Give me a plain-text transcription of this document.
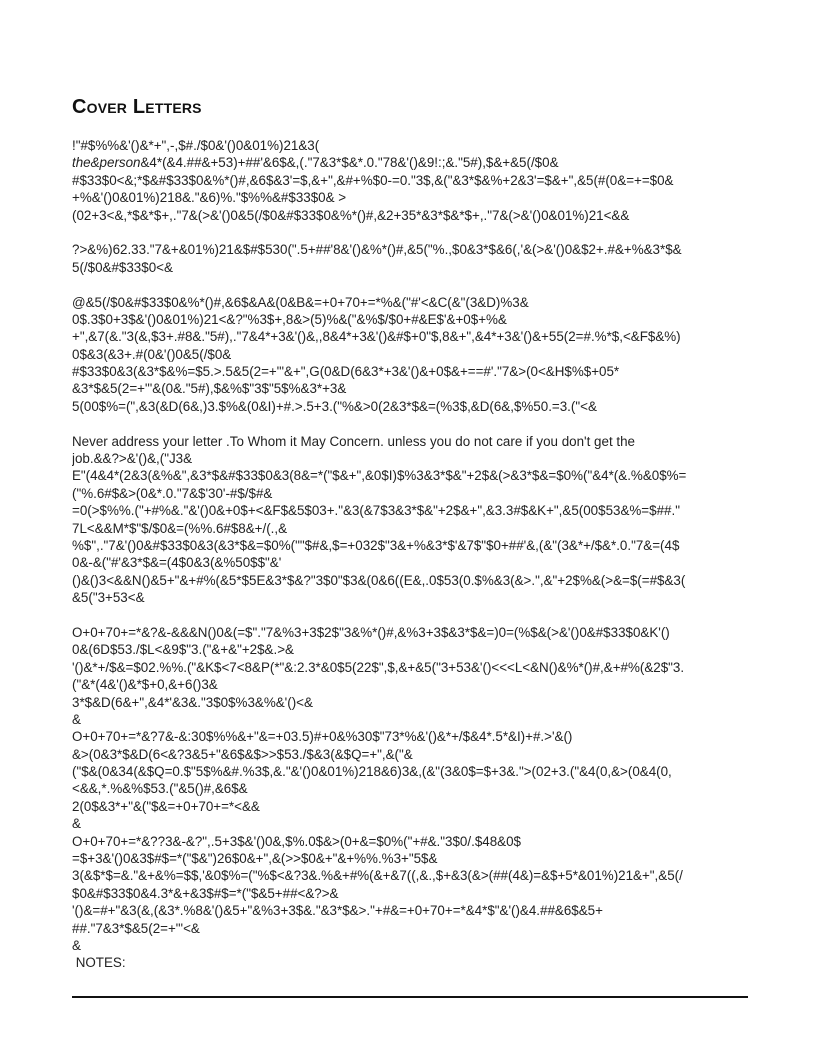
Cover Letters
!"#$%%&'()&*+",-,$#./$0&'()0&01%)21&3(
the&person&4*(&4.##&+53)+##'&6$&,(."7&3*$&*.0."78&'()&9!:;&."5#),$&+&5(/$0&
#$33$0<&;*$&#$33$0&%*()#,&6$&3'=$,&+",&#+%$0-=0."3$,&("&3*$&%+2&3'=$&+",&5(#(0&=+=$0&
+%&'()0&01%)218&."&6)%."$%%&#$33$0& >
(02+3<&,*$&*$+,."7&(>&'()0&5(/$0&#$33$0&%*()#,&2+35*&3*$&*$+,."7&(>&'()0&01%)21<&&
?>&%)62.33."7&+&01%)21&$#$530(".5+##'8&'()&%*()#,&5("%.,$0&3*$&6(,'&(>&'()0&$2+.#&+%&3*$&
5(/$0&#$33$0<&
@&5(/$0&#$33$0&%*()#,&6$&A&(0&B&=+0+70+=*%&("#'<&C(&"(3&D)%3&
0$.3$0+3$&'()0&01%)21<&?"%3$+,8&>(5)%&("&%$/$0+#&E$'&+0$+%&
+",&7(&."3(&,$3+.#8&."5#),."7&4*+3&'()&,,8&4*+3&'()&#$+0"$,8&+",&4*+3&'()&+55(2=#.%*$,<&F$&%)
0$&3(&3+.#(0&'()0&5(/$0&
#$33$0&3(&3*$&%=$5.>.5&5(2=+"'&+",G(0&D(6&3*+3&'()&+0$&+==#'."7&>(0<&H$%$+05*
&3*$&5(2=+"'&(0&."5#),$&%$"3$"5$%&3*+3&
5(00$%=(",&3(&D(6&,)3.$%&(0&I)+#.>.5+3.("%&>0(2&3*$&=(%3$,&D(6&,$%50.=3.("<&
Never address your letter .To Whom it May Concern. unless you do not care if you don't get the
job.&&?>&'()&,("J3&
E"(4&4*(2&3(&%&",&3*$&#$33$0&3(8&=*("$&+",&0$I)$%3&3*$&"+2$&(>&3*$&=$0%("&4*(&.%&0$%=
("%.6#$&>(0&*.0."7&$'30'-#$/$#&
=0(>$%%.("+#%&."&'()0&+0$+<&F$&5$03+."&3(&7$3&3*$&"+2$&+",&3.3#$&K+",&5(00$53&%=$##."
7L<&&M*$"$/$0&=(%%.6#$8&+/(.,&
%$",."7&'()0&#$33$0&3(&3*$&=$0%(""$#&,$=+032$"3&+%&3*$'&7$"$0+##'&,(&"(3&*+/$&*.0."7&=(4$
0&-&("#'&3*$&=(4$0&3(&%50$$"&'
()&()3<&&N()&5+"&+#%(&5*$5E&3*$&?"3$0"$3&(0&6((E&,.0$53(0.$%&3(&>.",&"+2$%&(>&=$(=#$&3(
&5("3+53<&
O+0+70+=*&?&-&&&N()0&(=$"."7&%3+3$2$"3&%*()#,&%3+3$&3*$&=)0=(%$&(>&'()0&#$33$0&K'()
0&(6D$53./$L<&9$"3.("&+&"+2$&.>&
'()&*+/$&=$02.%%.("&K$<7<8&P(*"&:2.3*&0$5(22$",$,&+&5("3+53&'()<<<L<&N()&%*()#,&+#%(&2$"3.
("&*(4&'()&*$+0,&+6()3&
3*$&D(6&+",&4*'&3&."3$0$%3&%&'()<&
&
O+0+70+=*&?7&-&:30$%%&+"&=+03.5)#+0&%30$"73*%&'()&*+/$&4*.5*&I)+#.>'&()
&>(0&3*$&D(6<&?3&5+"&6$&$>>$53./$&3(&$Q=+",&("&
("$&(0&34(&$Q=0.$"5$%&#.%3$,&."&'()0&01%)218&6)3&,(&"(3&0$=$+3&.">(02+3.("&4(0,&>(0&4(0,
<&&,*.%&%$53.("&5()#,&6$&
2(0$&3*+"&("$&=+0+70+=*<&&
&
O+0+70+=*&??3&-&?",.5+3$&'()0&,$%.0$&>(0+&=$0%("+#&."3$0/.$48&0$
=$+3&'()0&3$#$=*("$&")26$0&+",&(>>$0&+"&+%%.%3+"5$&
3(&$*$=&."&+&%=$$,'&0$%=("%$<&?3&.%&+#%(&+&7((,&.,$+&3(&>(##(4&)=&$+5*&01%)21&+",&5(/
$0&#$33$0&4.3*&+&3$#$=*("$&5+##<&?>&
'()&=#+"&3(&,(&3*.%8&'()&5+"&%3+3$&."&3*$&>."+#&=+0+70+=*&4*$"&'()&4.##&6$&5+
##."7&3*$&5(2=+"'<&
&
NOTES:
